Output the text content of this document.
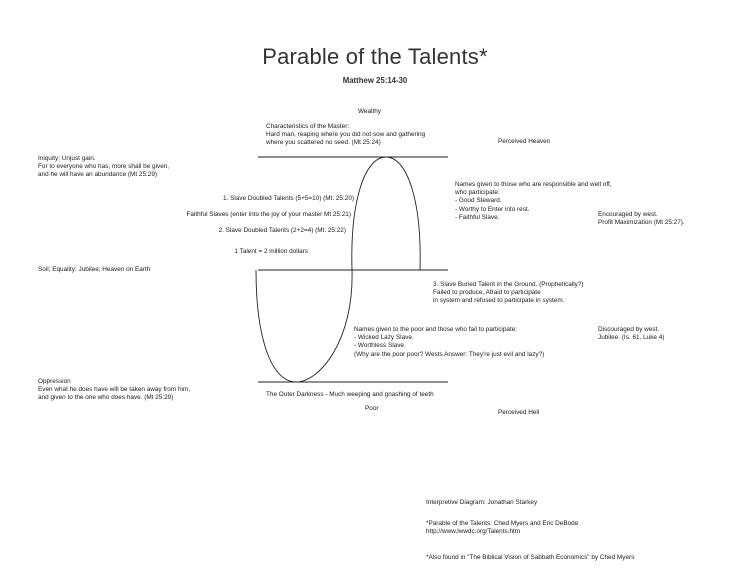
Parable of the Talents*
Matthew 25:14-30
Wealthy
Characteristics of the Master:
Hard man, reaping where you did not sow and gathering
where you scattered no seed. (Mt 25:24)	Perceived Heaven
Iniquity; Unjust gain.
For to everyone who has, more shall be given,
and he will have an abundance (Mt 25:29)
1. Slave Doubled Talents (5+5=10) (Mt. 25:20)
Faithful Slaves (enter into the joy of your master Mt 25:21)
2. Slave Doubled Talents (2+2=4) (Mt. 25:22)
1 Talent = 2 million dollars
Soil; Equality; Jubilee; Heaven on Earth
Oppression
Even what he does have will be taken away from him,
and given to the one who does have. (Mt 25:29)
Names given to those who are responsible and well off,
who participate:
- Good Steward.
- Worthy to Enter into rest.
- Faithful Slave.	Encouraged by west.
Profit Maximization (Mt 25:27).
3. Slave Buried Talent in the Ground. (Prophetically?)
Failed to produce, Afraid to participate
in system and refused to participate in system.
Names given to the poor and those who fail to participate:
- Wicked Lazy Slave.
- Worthless Slave.
(Why are the poor poor? Wests Answer: They're just evil and lazy?)
Discouraged by west.
Jubilee. (Is. 61, Luke 4)
The Outer Darkness - Much weeping and gnashing of teeth
Poor
Perceived Hell
Interpretive Diagram: Jonathan Starkey
*Parable of the Talents: Ched Myers and Eric DeBode
http://www.lwwdc.org/Talents.htm
*Also found in "The Biblical Vision of Sabbath Economics" by Ched Myers
